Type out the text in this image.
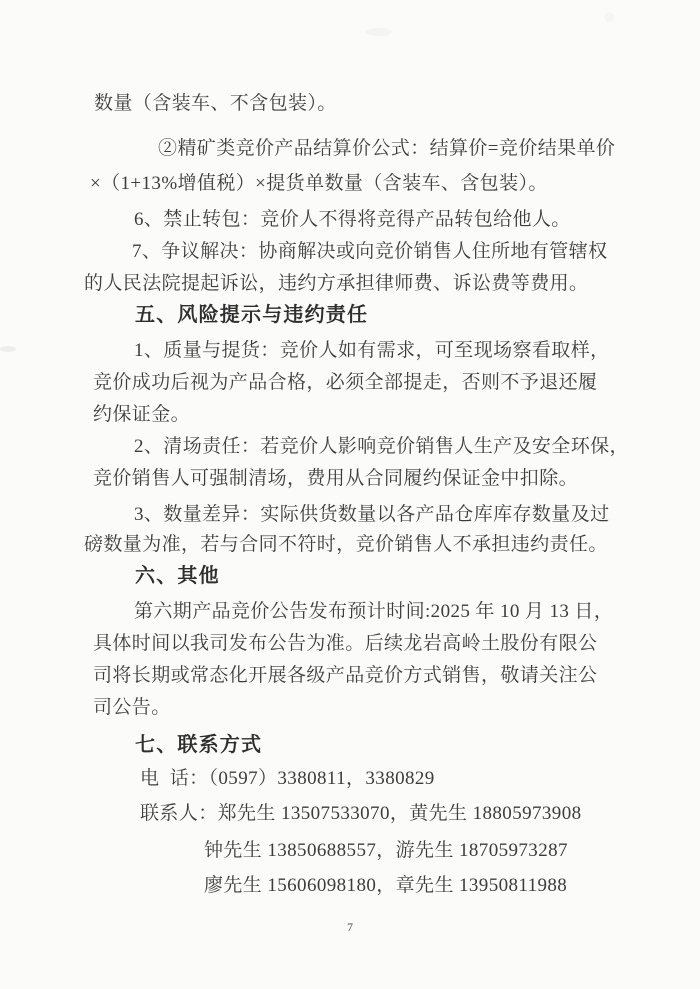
数量（含装车、不含包装）。
②精矿类竞价产品结算价公式：结算价=竞价结果单价
×（1+13%增值税）×提货单数量（含装车、含包装）。
6、禁止转包：竞价人不得将竞得产品转包给他人。
7、争议解决：协商解决或向竞价销售人住所地有管辖权
的人民法院提起诉讼，违约方承担律师费、诉讼费等费用。
五、风险提示与违约责任
1、质量与提货：竞价人如有需求，可至现场察看取样，
竞价成功后视为产品合格，必须全部提走，否则不予退还履
约保证金。
2、清场责任：若竞价人影响竞价销售人生产及安全环保，
竞价销售人可强制清场，费用从合同履约保证金中扣除。
3、数量差异：实际供货数量以各产品仓库库存数量及过
磅数量为准，若与合同不符时，竞价销售人不承担违约责任。
六、其他
第六期产品竞价公告发布预计时间:2025 年 10 月 13 日，
具体时间以我司发布公告为准。后续龙岩高岭土股份有限公
司将长期或常态化开展各级产品竞价方式销售，敬请关注公
司公告。
七、联系方式
电  话：（0597）3380811，3380829
联系人：郑先生 13507533070，黄先生 18805973908
钟先生 13850688557，游先生 18705973287
廖先生 15606098180，章先生 13950811988
7
